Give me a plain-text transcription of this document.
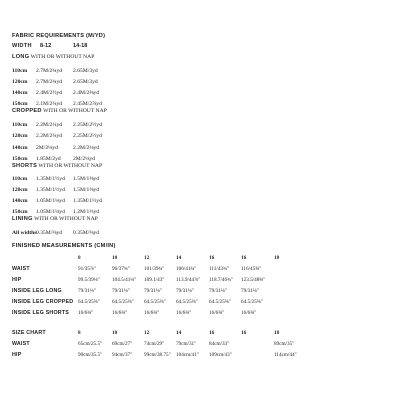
FABRIC REQUIREMENTS (M/YD)
WIDTH 8-12	14-18
LONG WITH OR WITHOUT NAP
110cm 2.7M/2¾yd 2.65M/3yd
120cm 2.7M/2¾yd 2.65M/3yd
140cm 2.4M/2½yd 2.4M/2⅝yd
150cm 2.1M/2¼yd 2.45M/2⅞yd
CROPPED WITH OR WITHOUT NAP
110cm 2.2M/2¼yd 2.25M/2½yd
120cm 2.2M/2¼yd 2.25M/2½yd
140cm 2M/2⅛yd	2.2M/2⅛yd
150cm 1.85M/2yd 2M/2⅛yd
SHORTS WITH OR WITHOUT NAP
110cm 1.35M/1½yd 1.5M/1⅝yd
120cm 1.35M/1½yd 1.5M/1⅝yd
140cm 1.05M/1⅛yd 1.35M/1½yd
150cm 1.05M/1⅛yd 1.2M/1⅓yd
LINING WITH OR WITHOUT NAP
All widths 0.35M/⅜yd 0.35M/⅜yd
FINISHED MEASUREMENTS (CM/IN)
8	10	12	14	16	16	18
WAIST	91/35⅞"	96/37¾"	101/39¾" 106/41¾" 111/43¾" 116/45⅝"
HIP	99.5/39⅛" 104.5/41⅛" 109.1/43" 113.9/44⅞" 118.7/46¾" 123.5/48⅝"
INSIDE LEG LONG	79/31⅛"	79/31⅛"	79/31⅛"	79/31⅛"	79/31⅛"	79/31⅛"
INSIDE LEG CROPPED 64.5/25⅜" 64.5/25⅜" 64.5/25⅜" 64.5/25⅜" 64.5/25⅜" 64.5/25⅜"
INSIDE LEG SHORTS 16/6⅜"	16/6⅜"	16/6⅜"	16/6⅜"	16/6⅜"	16/6⅜"
SIZE CHART	8	10	12	14	16	16	18
WAIST	65cm/25.5" 69cm/27" 74cm/29" 79cm/31" 84cm/33"	89cm/35"
HIP	90cm/35.5" 94cm/37" 99cm/38.75" 104cm/41" 109cm/43"	114cm/44"
